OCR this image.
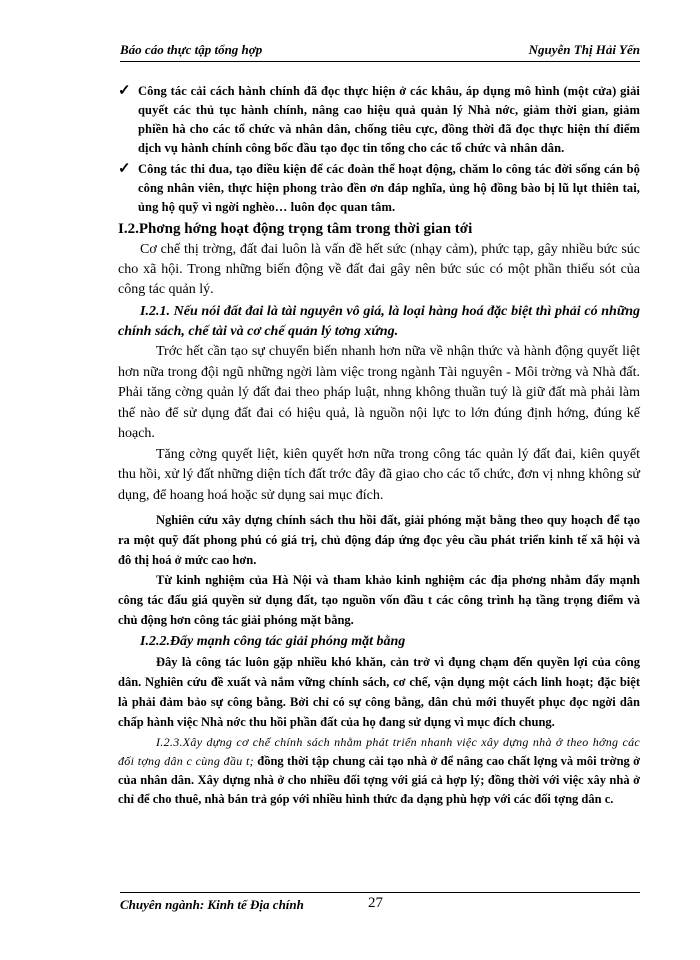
Báo cáo thực tập tổng hợp	Nguyễn Thị Hải Yến
✓ Công tác cải cách hành chính đã đọc thực hiện ở các khâu, áp dụng mô hình (một cửa) giải quyết các thủ tục hành chính, nâng cao hiệu quả quản lý Nhà nớc, giảm thời gian, giảm phiền hà cho các tổ chức và nhân dân, chống tiêu cực, đồng thời đã đọc thực hiện thí điểm dịch vụ hành chính công bốc đầu tạo đọc tin tổng cho các tổ chức và nhân dân.
✓ Công tác thi đua, tạo điều kiện để các đoàn thể hoạt động, chăm lo công tác đời sống cán bộ công nhân viên, thực hiện phong trào đền ơn đáp nghĩa, ủng hộ đồng bào bị lũ lụt thiên tai, ủng hộ quỹ vì ngời nghèo… luôn đọc quan tâm.
I.2.Phơng hớng hoạt động trọng tâm trong thời gian tới

Cơ chế thị trờng, đất đai luôn là vấn đề hết sức (nhạy cảm), phức tạp, gây nhiều bức súc cho xã hội. Trong những biến động về đất đai gây nên bức súc có một phần thiếu sót của công tác quản lý.

I.2.1. Nếu nói đất đai là tài nguyên vô giá, là loại hàng hoá đặc biệt thì phải có những chính sách, chế tài và cơ chế quản lý tơng xứng.

Trớc hết cần tạo sự chuyển biến nhanh hơn nữa về nhận thức và hành động quyết liệt hơn nữa trong đội ngũ những ngời làm việc trong ngành Tài nguyên - Môi trờng và Nhà đất. Phải tăng cờng quản lý đất đai theo pháp luật, nhng không thuần tuý là giữ đất mà phải làm thế nào để sử dụng đất đai có hiệu quả, là nguồn nội lực to lớn đúng định hớng, đúng kế hoạch.

Tăng cờng quyết liệt, kiên quyết hơn nữa trong công tác quản lý đất đai, kiên quyết thu hồi, xử lý đất những diện tích đất trớc đây đã giao cho các tổ chức, đơn vị nhng không sử dụng, để hoang hoá hoặc sử dụng sai mục đích.

Nghiên cứu xây dựng chính sách thu hồi đất, giải phóng mặt bằng theo quy hoạch để tạo ra một quỹ đất phong phú có giá trị, chủ động đáp ứng đọc yêu cầu phát triển kinh tế xã hội và đô thị hoá ở mức cao hơn.

Từ kinh nghiệm của Hà Nội và tham khảo kinh nghiệm các địa phơng nhằm đẩy mạnh công tác đấu giá quyền sử dụng đất, tạo nguồn vốn đầu t các công trình hạ tầng trọng điểm và chủ động hơn công tác giải phóng mặt bằng.

I.2.2.Đẩy mạnh công tác giải phóng mặt bằng

Đây là công tác luôn gặp nhiều khó khăn, cản trở vì đụng chạm đến quyền lợi của công dân. Nghiên cứu đề xuất và nắm vững chính sách, cơ chế, vận dụng một cách linh hoạt; đặc biệt là phải đảm bảo sự công bằng. Bởi chỉ có sự công bằng, dân chủ mới thuyết phục đọc ngời dân chấp hành việc Nhà nớc thu hồi phần đất của họ đang sử dụng vì mục đích chung.

I.2.3.Xây dựng cơ chế chính sách nhằm phát triển nhanh việc xây dựng nhà ở theo hớng các đối tợng dân c cùng đầu t; đồng thời tập chung cải tạo nhà ở để nâng cao chất lợng và môi trờng ở của nhân dân. Xây dựng nhà ở cho nhiều đối tợng với giá cả hợp lý; đồng thời với việc xây nhà ở chỉ để cho thuê, nhà bán trả góp với nhiều hình thức đa dạng phù hợp với các đối tợng dân c.

Chuyên ngành: Kinh tế Địa chính	27
